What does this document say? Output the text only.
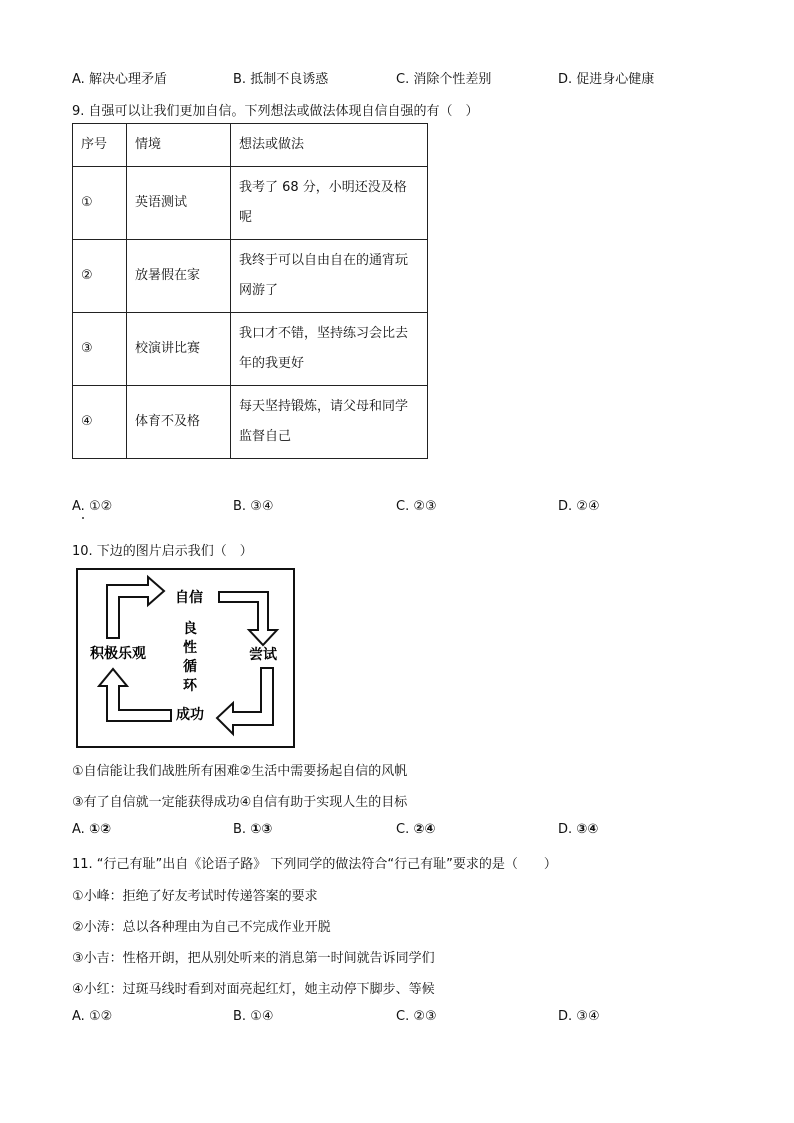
A. 解决心理矛盾	B. 抵制不良诱惑	C. 消除个性差别	D. 促进身心健康
9. 自强可以让我们更加自信。下列想法或做法体现自信自强的有（　）
序号	情境	想法或做法
①	英语测试	我考了 68 分，小明还没及格
呢

②	放暑假在家	我终于可以自由自在的通宵玩
网游了

③	校演讲比赛	我口才不错，坚持练习会比去
年的我更好

④	体育不及格	每天坚持锻炼，请父母和同学
监督自己
A. ①②	B. ③④	C. ②③	D. ②④
10. 下边的图片启示我们（　）
自信
尝试
成功
积极乐观
良
性
循
环
①自信能让我们战胜所有困难②生活中需要扬起自信的风帆
③有了自信就一定能获得成功④自信有助于实现人生的目标
A. ①②	B. ①③	C. ②④	D. ③④
11. “行己有耻”出自《论语子路》 下列同学的做法符合“行己有耻”要求的是（　　）
①小峰：拒绝了好友考试时传递答案的要求
②小涛：总以各种理由为自己不完成作业开脱
③小吉：性格开朗，把从别处听来的消息第一时间就告诉同学们
④小红：过斑马线时看到对面亮起红灯，她主动停下脚步、等候
A. ①②	B. ①④	C. ②③	D. ③④
